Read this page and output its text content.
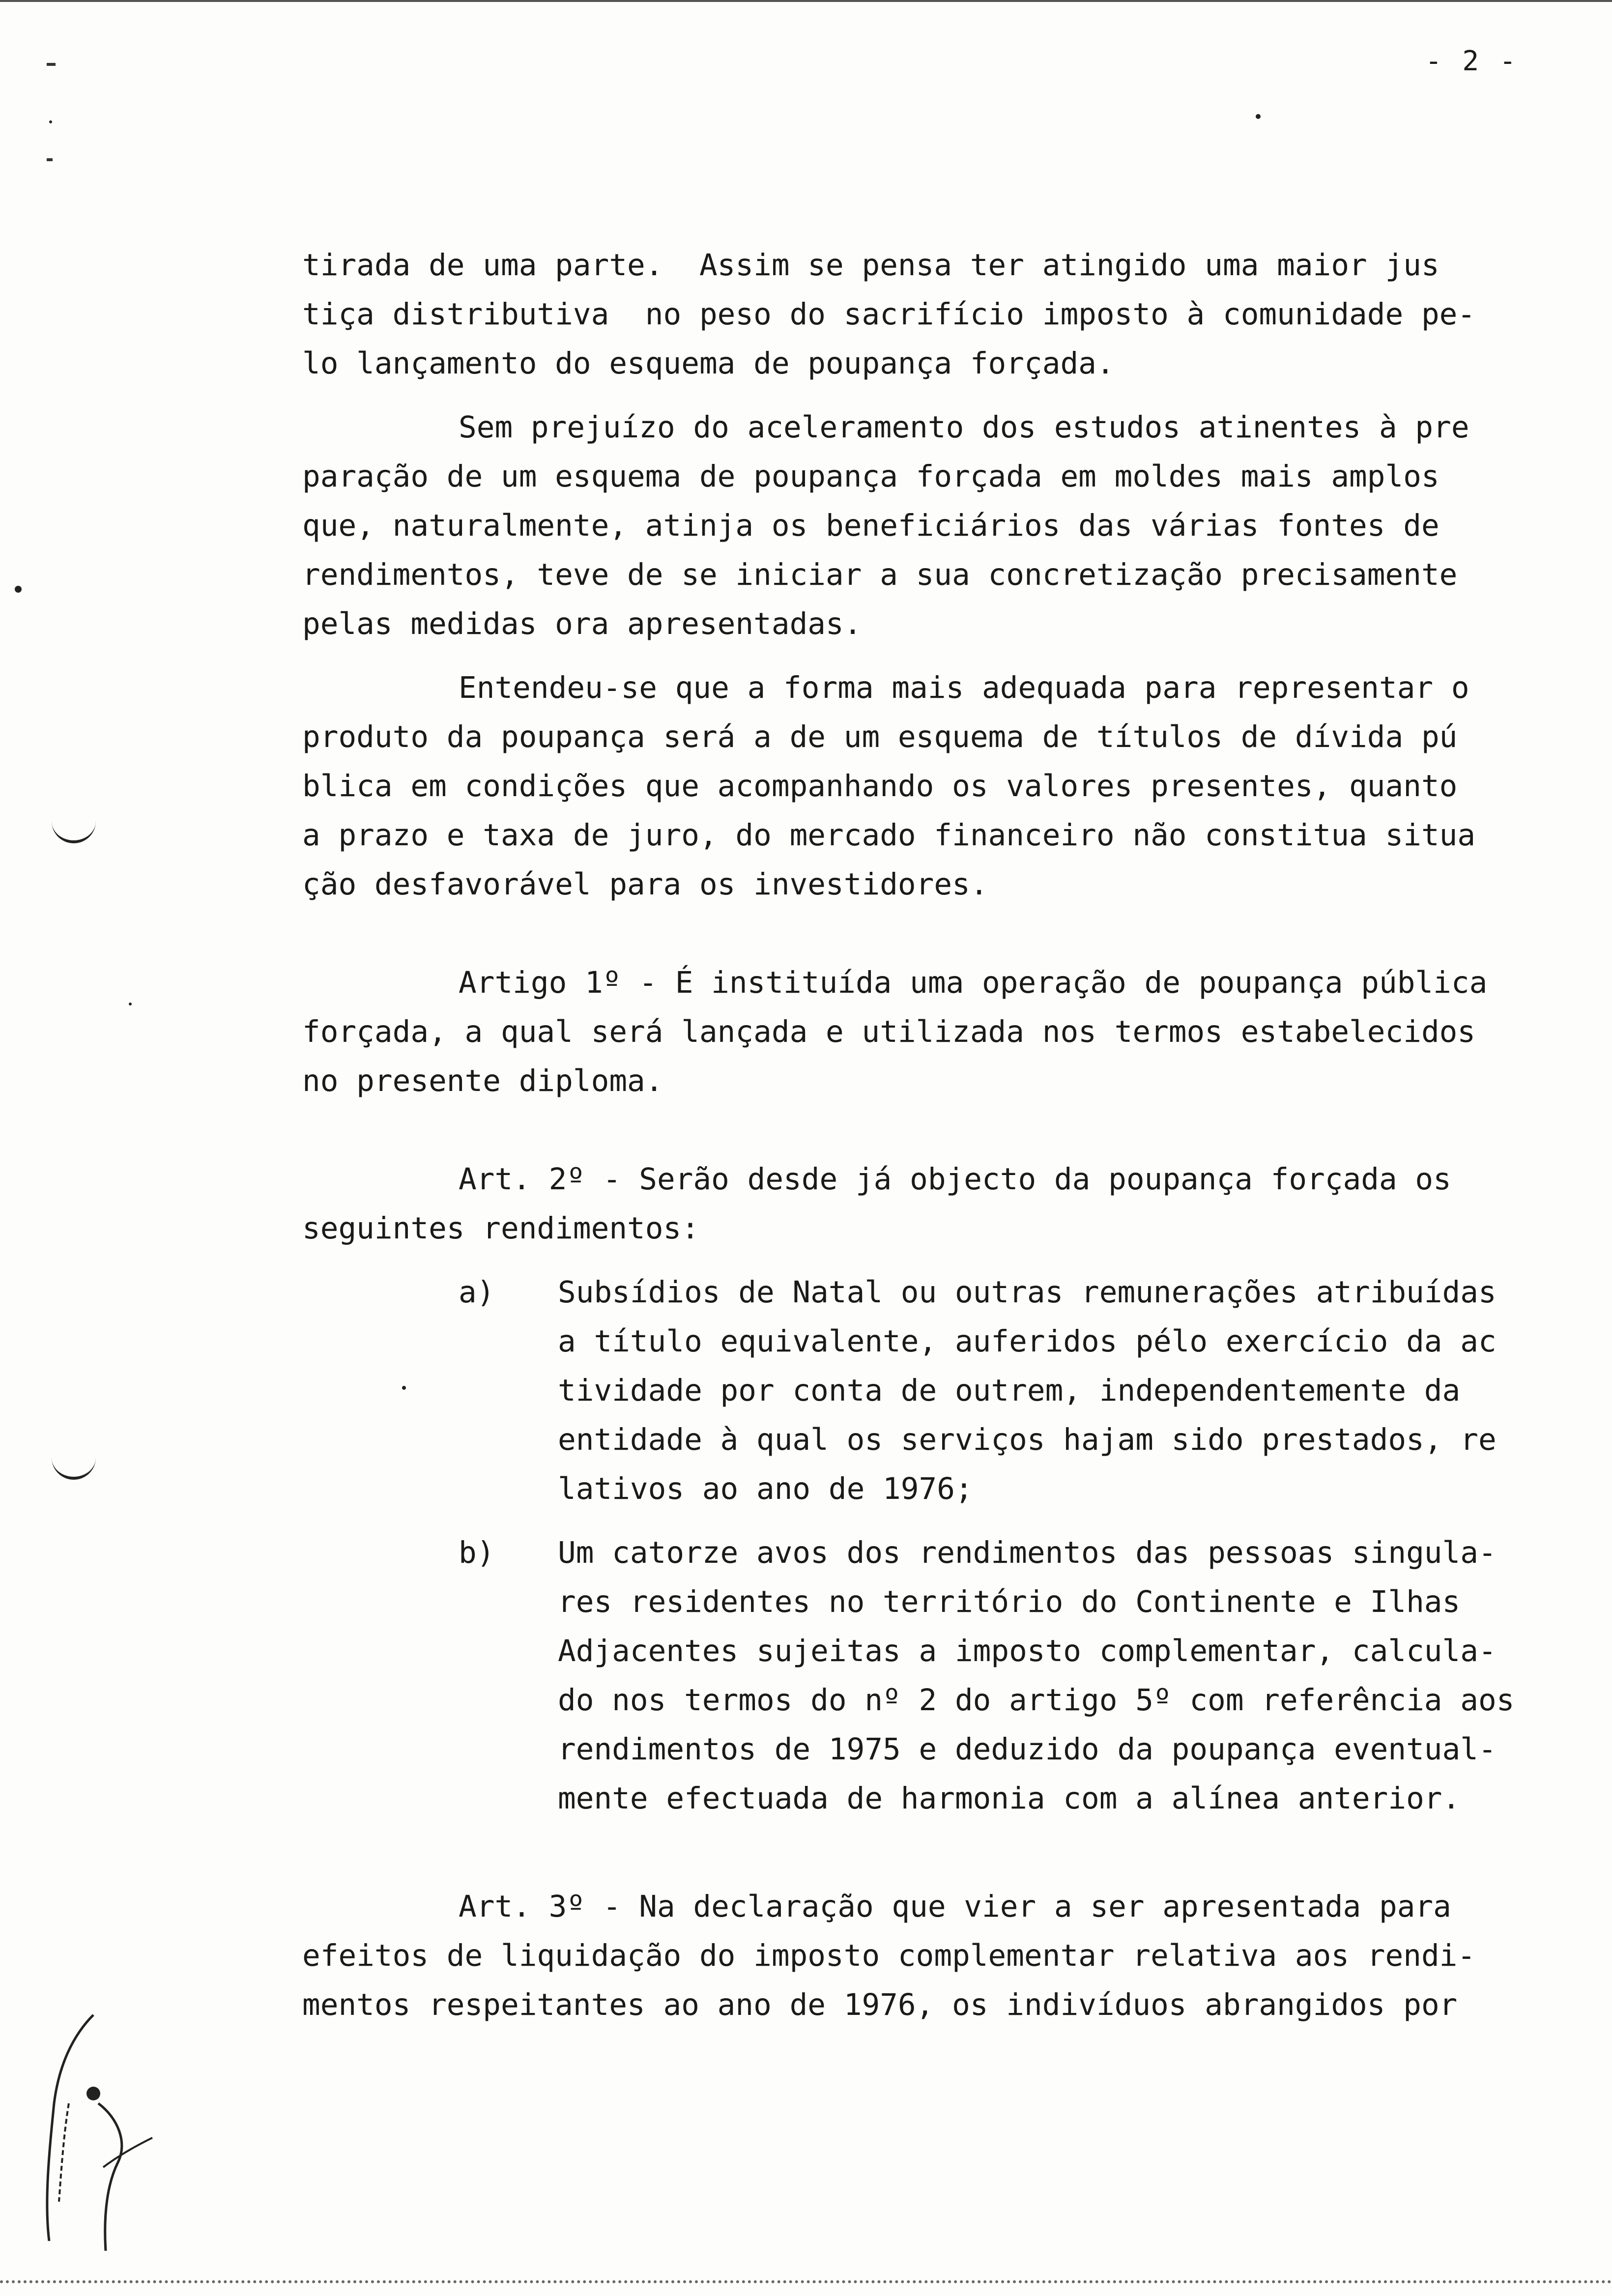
- 2 -
tirada de uma parte.  Assim se pensa ter atingido uma maior jus
tiça distributiva  no peso do sacrifício imposto à comunidade pe-
lo lançamento do esquema de poupança forçada.
Sem prejuízo do aceleramento dos estudos atinentes à pre
paração de um esquema de poupança forçada em moldes mais amplos
que, naturalmente, atinja os beneficiários das várias fontes de
rendimentos, teve de se iniciar a sua concretização precisamente
pelas medidas ora apresentadas.
Entendeu-se que a forma mais adequada para representar o
produto da poupança será a de um esquema de títulos de dívida pú
blica em condições que acompanhando os valores presentes, quanto
a prazo e taxa de juro, do mercado financeiro não constitua situa
ção desfavorável para os investidores.
Artigo 1º - É instituída uma operação de poupança pública
forçada, a qual será lançada e utilizada nos termos estabelecidos
no presente diploma.
Art. 2º - Serão desde já objecto da poupança forçada os
seguintes rendimentos:
a) Subsídios de Natal ou outras remunerações atribuídas
a título equivalente, auferidos pélo exercício da ac
tividade por conta de outrem, independentemente da
entidade à qual os serviços hajam sido prestados, re
lativos ao ano de 1976;
b) Um catorze avos dos rendimentos das pessoas singula-
res residentes no território do Continente e Ilhas
Adjacentes sujeitas a imposto complementar, calcula-
do nos termos do nº 2 do artigo 5º com referência aos
rendimentos de 1975 e deduzido da poupança eventual-
mente efectuada de harmonia com a alínea anterior.
Art. 3º - Na declaração que vier a ser apresentada para
efeitos de liquidação do imposto complementar relativa aos rendi-
mentos respeitantes ao ano de 1976, os indivíduos abrangidos por
